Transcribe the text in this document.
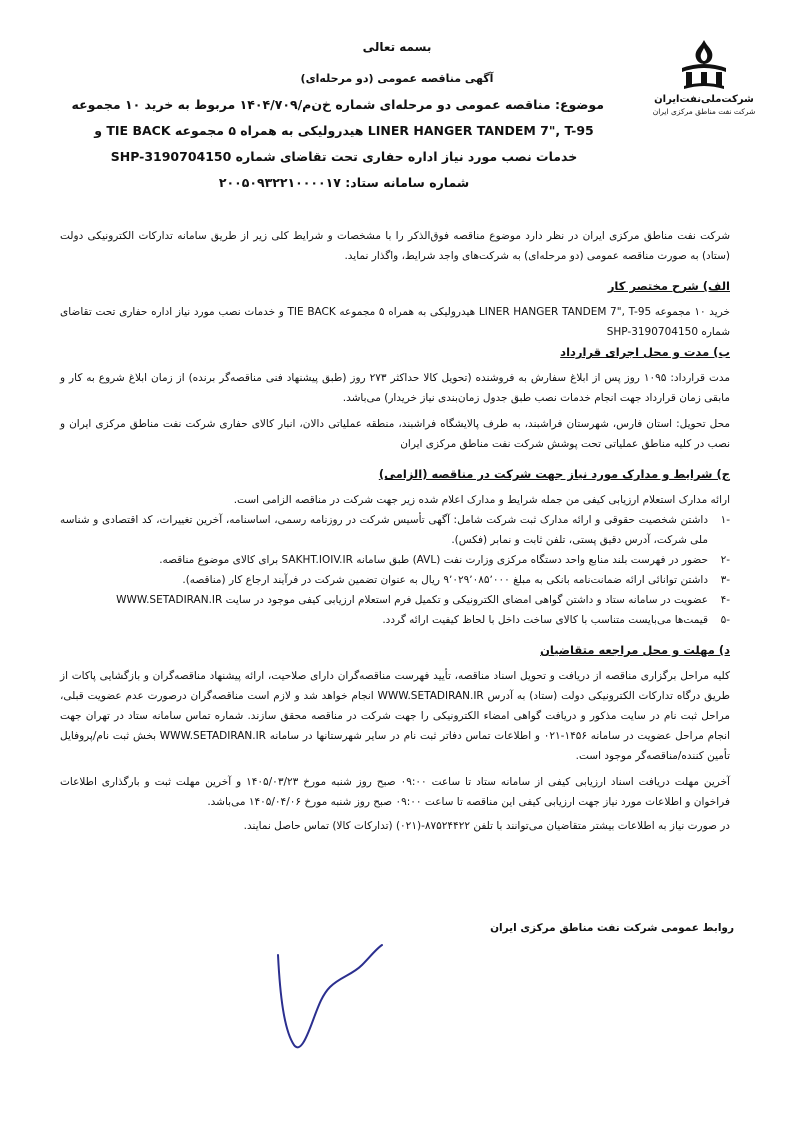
شرکت‌ملی‌نفت‌ایران
شرکت نفت مناطق مرکزی ایران
بسمه تعالی
آگهی مناقصه عمومی (دو مرحله‌ای)
موضوع: مناقصه عمومی دو مرحله‌ای شماره خ‌ن‌م/۱۴۰۴/۷۰۹ مربوط به خرید ۱۰ مجموعه
LINER HANGER TANDEM 7", T-95 هیدرولیکی به همراه ۵ مجموعه TIE BACK و
خدمات نصب مورد نیاز اداره حفاری تحت تقاضای شماره SHP-3190704150
شماره سامانه ستاد: ۲۰۰۵۰۹۳۲۲۱۰۰۰۰۱۷

شرکت نفت مناطق مرکزی ایران در نظر دارد موضوع مناقصه فوق‌الذکر را با مشخصات و شرایط کلی زیر از طریق سامانه تدارکات الکترونیکی دولت (ستاد) به صورت مناقصه عمومی (دو مرحله‌ای) به شرکت‌های واجد شرایط، واگذار نماید.

الف) شرح مختصر کار

خرید ۱۰ مجموعه LINER HANGER TANDEM 7", T-95 هیدرولیکی به همراه ۵ مجموعه TIE BACK و خدمات نصب مورد نیاز اداره حفاری تحت تقاضای شماره SHP-3190704150

ب) مدت و محل اجرای قرارداد

مدت قرارداد: ۱۰۹۵ روز پس از ابلاغ سفارش به فروشنده (تحویل کالا حداکثر ۲۷۳ روز (طبق پیشنهاد فنی مناقصه‌گر برنده) از زمان ابلاغ شروع به کار و مابقی زمان قرارداد جهت انجام خدمات نصب طبق جدول زمان‌بندی نیاز خریدار) می‌باشد.

محل تحویل: استان فارس، شهرستان فراشبند، به طرف پالایشگاه فراشبند، منطقه عملیاتی دالان، انبار کالای حفاری شرکت نفت مناطق مرکزی ایران و نصب در کلیه مناطق عملیاتی تحت پوشش شرکت نفت مناطق مرکزی ایران

ج) شرایط و مدارک مورد نیاز جهت شرکت در مناقصه (الزامی)

ارائه مدارک استعلام ارزیابی کیفی من جمله شرایط و مدارک اعلام شده زیر جهت شرکت در مناقصه الزامی است.

-۱
داشتن شخصیت حقوقی و ارائه مدارک ثبت شرکت شامل: آگهی تأسیس شرکت در روزنامه رسمی، اساسنامه، آخرین تغییرات، کد اقتصادی و شناسه ملی شرکت، آدرس دقیق پستی، تلفن ثابت و نمابر (فکس).
-۲
حضور در فهرست بلند منابع واحد دستگاه مرکزی وزارت نفت (AVL) طبق سامانه SAKHT.IOIV.IR برای کالای موضوع مناقصه.
-۳
داشتن توانائی ارائه ضمانت‌نامه بانکی به مبلغ ۹٬۰۲۹٬۰۸۵٬۰۰۰ ریال به عنوان تضمین شرکت در فرآیند ارجاع کار (مناقصه).
-۴
عضویت در سامانه ستاد و داشتن گواهی امضای الکترونیکی و تکمیل فرم استعلام ارزیابی کیفی موجود در سایت WWW.SETADIRAN.IR
-۵
قیمت‌ها می‌بایست متناسب با کالای ساخت داخل با لحاظ کیفیت ارائه گردد.
د) مهلت و محل مراجعه متقاضیان

کلیه مراحل برگزاری مناقصه از دریافت و تحویل اسناد مناقصه، تأیید فهرست مناقصه‌گران دارای صلاحیت، ارائه پیشنهاد مناقصه‌گران و بازگشایی پاکات از طریق درگاه تدارکات الکترونیکی دولت (ستاد) به آدرس WWW.SETADIRAN.IR انجام خواهد شد و لازم است مناقصه‌گران درصورت عدم عضویت قبلی، مراحل ثبت نام در سایت مذکور و دریافت گواهی امضاء الکترونیکی را جهت شرکت در مناقصه محقق سازند. شماره تماس سامانه ستاد در تهران جهت انجام مراحل عضویت در سامانه ۱۴۵۶-۰۲۱ و اطلاعات تماس دفاتر ثبت نام در سایر شهرستانها در سامانه WWW.SETADIRAN.IR بخش ثبت نام/پروفایل تأمین کننده/مناقصه‌گر موجود است.

آخرین مهلت دریافت اسناد ارزیابی کیفی از سامانه ستاد تا ساعت ۰۹:۰۰ صبح روز شنبه مورخ ۱۴۰۵/۰۳/۲۳ و آخرین مهلت ثبت و بارگذاری اطلاعات فراخوان و اطلاعات مورد نیاز جهت ارزیابی کیفی این مناقصه تا ساعت ۰۹:۰۰ صبح روز شنبه مورخ ۱۴۰۵/۰۴/۰۶ می‌باشد.

در صورت نیاز به اطلاعات بیشتر متقاضیان می‌توانند با تلفن ۸۷۵۲۴۴۲۲-(۰۲۱) (تدارکات کالا) تماس حاصل نمایند.

روابط عمومی شرکت نفت مناطق مرکزی ایران
